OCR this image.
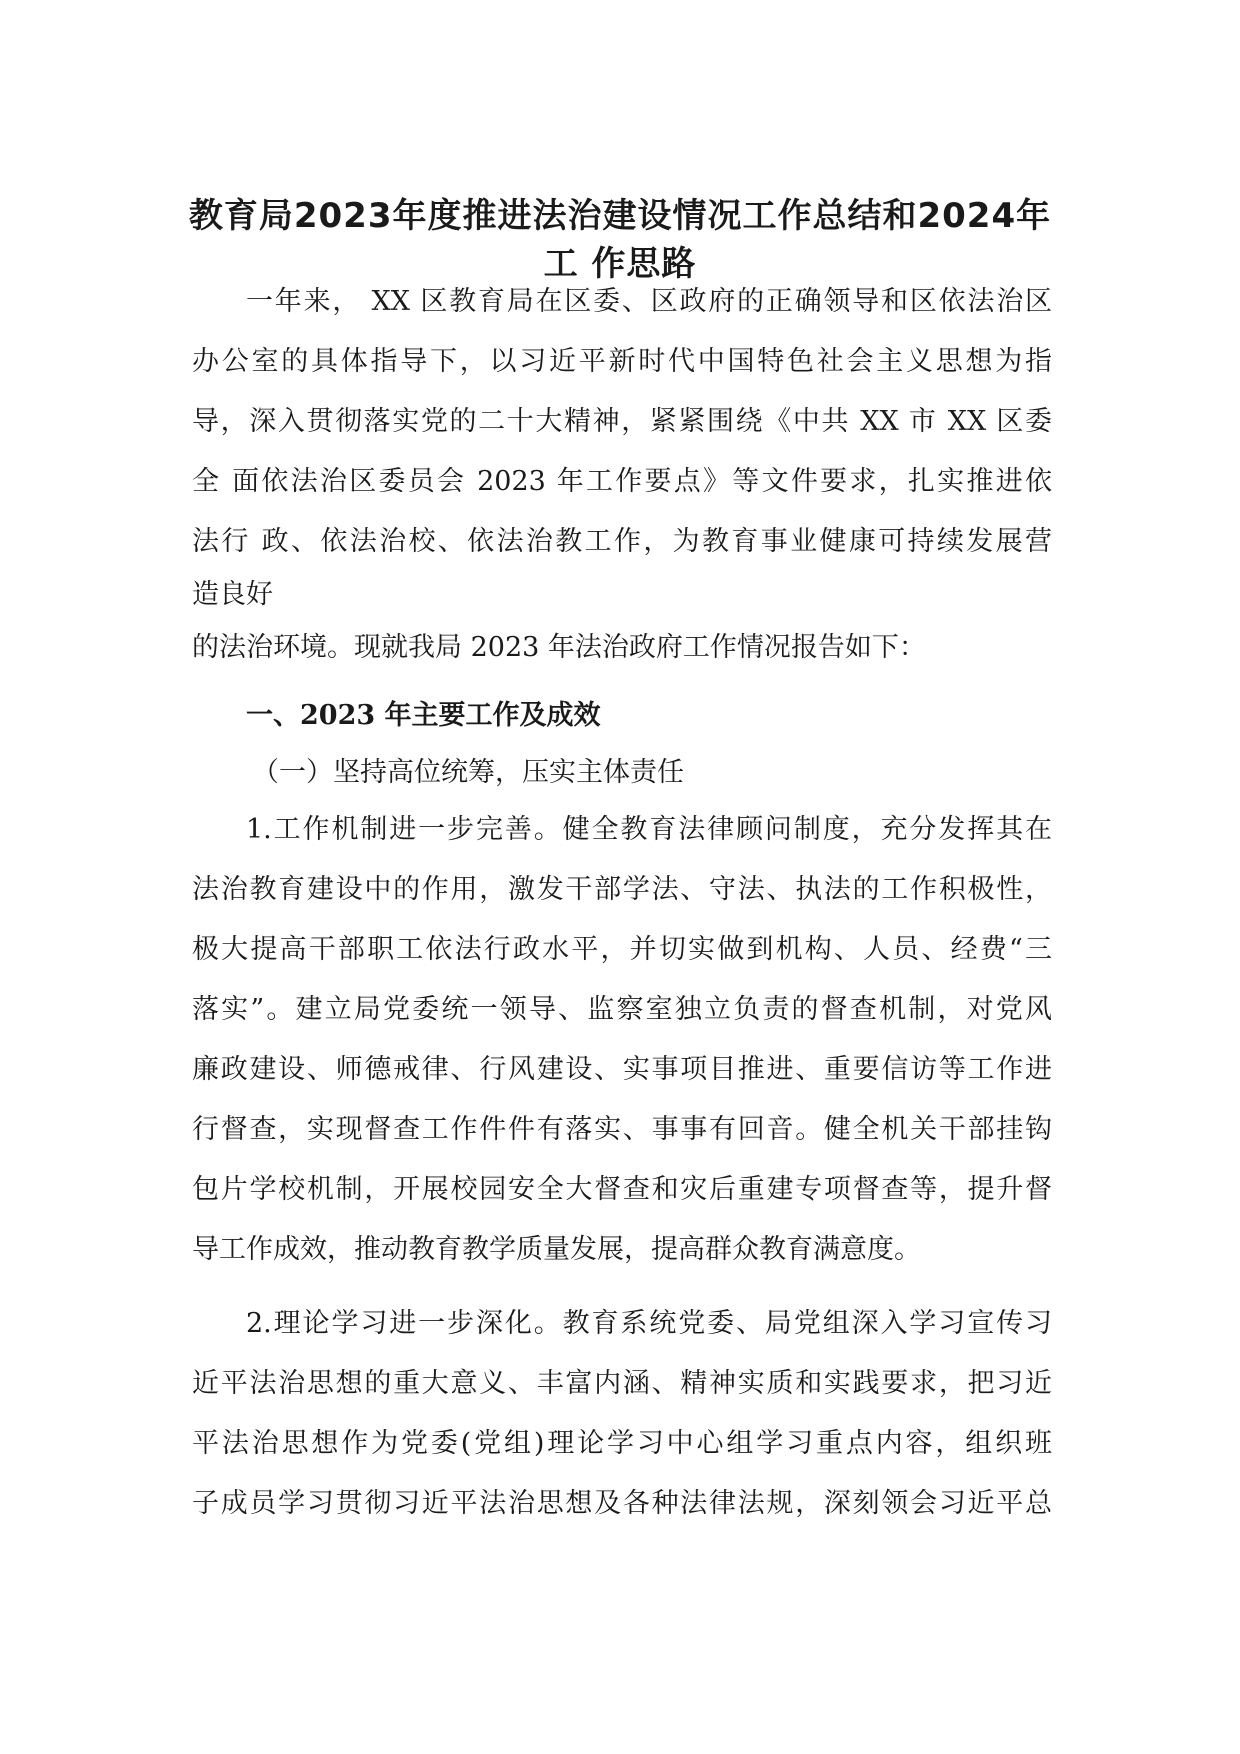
教育局2023年度推进法治建设情况工作总结和2024年
工 作思路
一年来， XX 区教育局在区委、区政府的正确领导和区依法治区
办公室的具体指导下，以习近平新时代中国特色社会主义思想为指
导，深入贯彻落实党的二十大精神，紧紧围绕《中共 XX 市 XX 区委
全 面依法治区委员会 2023 年工作要点》等文件要求，扎实推进依
法行 政、依法治校、依法治教工作，为教育事业健康可持续发展营
造良好
的法治环境。现就我局 2023 年法治政府工作情况报告如下：
一、2023 年主要工作及成效
（一）坚持高位统筹，压实主体责任
1.工作机制进一步完善。健全教育法律顾问制度，充分发挥其在
法治教育建设中的作用，激发干部学法、守法、执法的工作积极性，
极大提高干部职工依法行政水平，并切实做到机构、人员、经费“三
落实”。建立局党委统一领导、监察室独立负责的督查机制，对党风
廉政建设、师德戒律、行风建设、实事项目推进、重要信访等工作进
行督查，实现督查工作件件有落实、事事有回音。健全机关干部挂钩
包片学校机制，开展校园安全大督查和灾后重建专项督查等，提升督
导工作成效，推动教育教学质量发展，提高群众教育满意度。
2.理论学习进一步深化。教育系统党委、局党组深入学习宣传习
近平法治思想的重大意义、丰富内涵、精神实质和实践要求，把习近
平法治思想作为党委(党组)理论学习中心组学习重点内容，组织班
子成员学习贯彻习近平法治思想及各种法律法规，深刻领会习近平总
